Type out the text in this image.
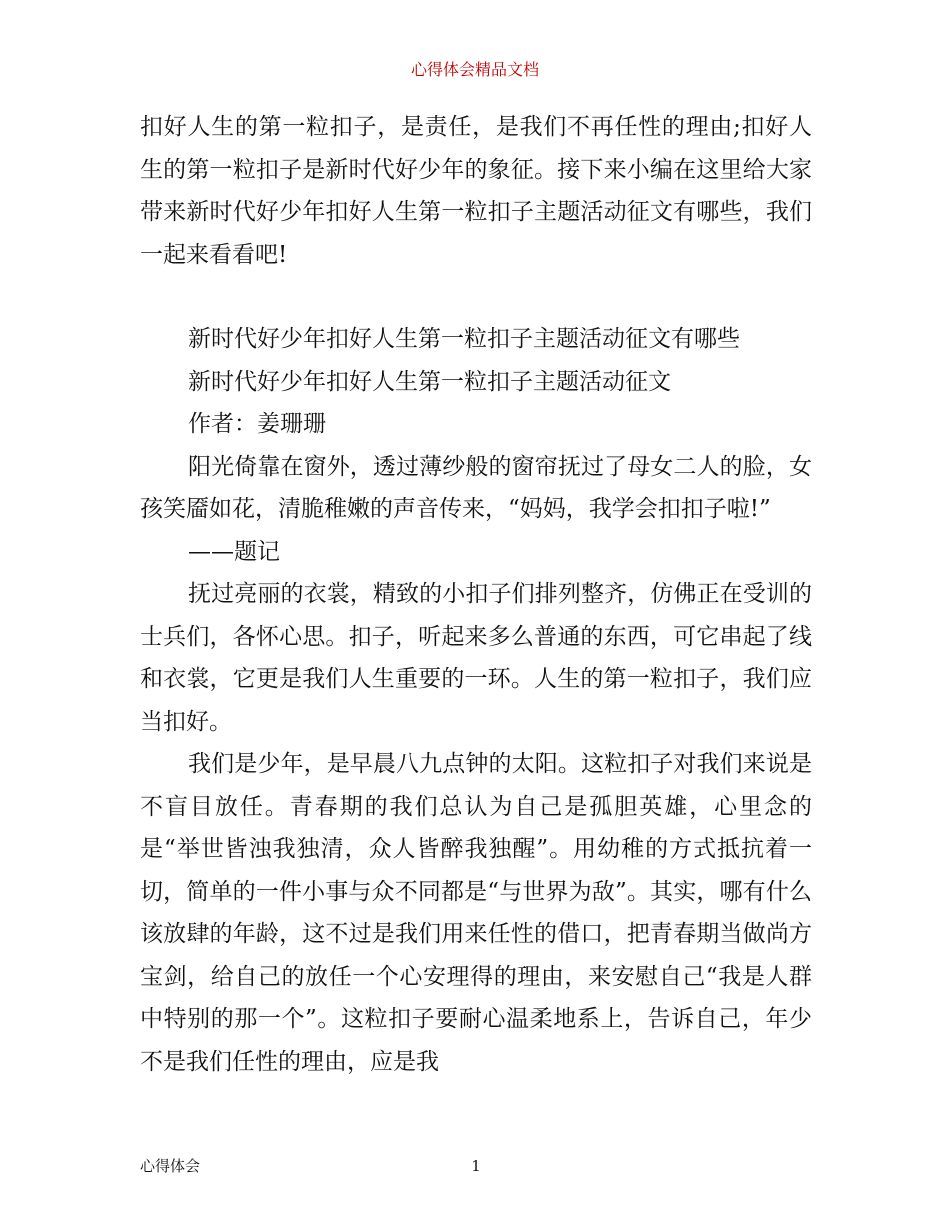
心得体会精品文档

扣好人生的第一粒扣子，是责任，是我们不再任性的理由;扣好人生的第一粒扣子是新时代好少年的象征。接下来小编在这里给大家带来新时代好少年扣好人生第一粒扣子主题活动征文有哪些，我们一起来看看吧!

新时代好少年扣好人生第一粒扣子主题活动征文有哪些

新时代好少年扣好人生第一粒扣子主题活动征文

作者：姜珊珊

阳光倚靠在窗外，透过薄纱般的窗帘抚过了母女二人的脸，女孩笑靥如花，清脆稚嫩的声音传来，“妈妈，我学会扣扣子啦!”

——题记

抚过亮丽的衣裳，精致的小扣子们排列整齐，仿佛正在受训的士兵们，各怀心思。扣子，听起来多么普通的东西，可它串起了线和衣裳，它更是我们人生重要的一环。人生的第一粒扣子，我们应当扣好。

我们是少年，是早晨八九点钟的太阳。这粒扣子对我们来说是不盲目放任。青春期的我们总认为自己是孤胆英雄，心里念的是“举世皆浊我独清，众人皆醉我独醒”。用幼稚的方式抵抗着一切，简单的一件小事与众不同都是“与世界为敌”。其实，哪有什么该放肆的年龄，这不过是我们用来任性的借口，把青春期当做尚方宝剑，给自己的放任一个心安理得的理由，来安慰自己“我是人群中特别的那一个”。这粒扣子要耐心温柔地系上，告诉自己，年少不是我们任性的理由，应是我

心得体会	1
